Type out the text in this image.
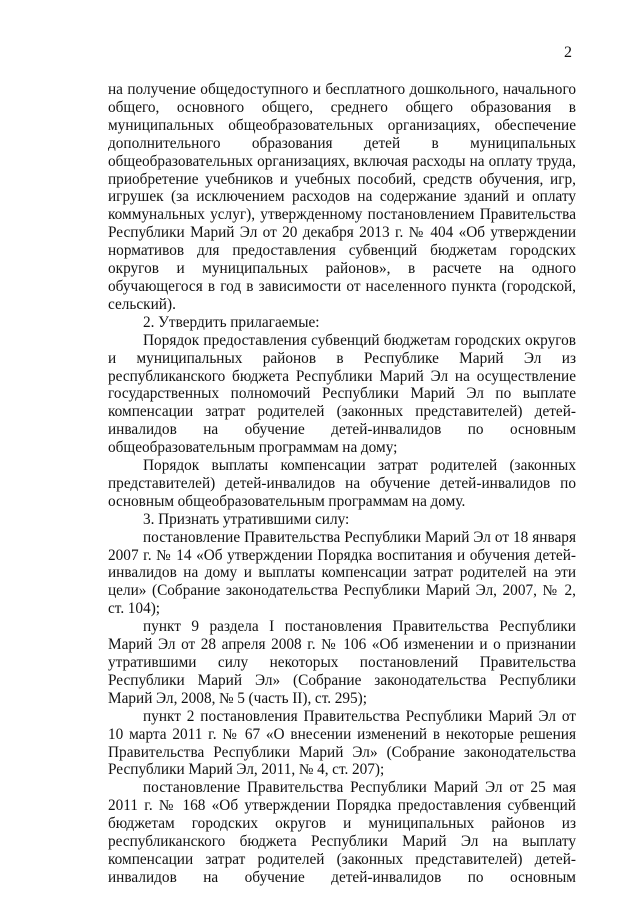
2

на получение общедоступного и бесплатного дошкольного, начального общего, основного общего, среднего общего образования в муниципальных общеобразовательных организациях, обеспечение дополнительного образования детей в муниципальных общеобразовательных организациях, включая расходы на оплату труда, приобретение учебников и учебных пособий, средств обучения, игр, игрушек (за исключением расходов на содержание зданий и оплату коммунальных услуг), утвержденному постановлением Правительства Республики Марий Эл от 20 декабря 2013 г. № 404 «Об утверждении нормативов для предоставления субвенций бюджетам городских округов и муниципальных районов», в расчете на одного обучающегося в год в зависимости от населенного пункта (городской, сельский).

2. Утвердить прилагаемые:

Порядок предоставления субвенций бюджетам городских округов и муниципальных районов в Республике Марий Эл из республиканского бюджета Республики Марий Эл на осуществление государственных полномочий Республики Марий Эл по выплате компенсации затрат родителей (законных представителей) детей-инвалидов на обучение детей-инвалидов по основным общеобразовательным программам на дому;

Порядок выплаты компенсации затрат родителей (законных представителей) детей-инвалидов на обучение детей-инвалидов по основным общеобразовательным программам на дому.

3. Признать утратившими силу:

постановление Правительства Республики Марий Эл от 18 января 2007 г. № 14 «Об утверждении Порядка воспитания и обучения детей-инвалидов на дому и выплаты компенсации затрат родителей на эти цели» (Собрание законодательства Республики Марий Эл, 2007, № 2, ст. 104);

пункт 9 раздела I постановления Правительства Республики Марий Эл от 28 апреля 2008 г. № 106 «Об изменении и о признании утратившими силу некоторых постановлений Правительства Республики Марий Эл» (Собрание законодательства Республики Марий Эл, 2008, № 5 (часть II), ст. 295);

пункт 2 постановления Правительства Республики Марий Эл от 10 марта 2011 г. № 67 «О внесении изменений в некоторые решения Правительства Республики Марий Эл» (Собрание законодательства Республики Марий Эл, 2011, № 4, ст. 207);

постановление Правительства Республики Марий Эл от 25 мая 2011 г. № 168 «Об утверждении Порядка предоставления субвенций бюджетам городских округов и муниципальных районов из республиканского бюджета Республики Марий Эл на выплату компенсации затрат родителей (законных представителей) детей-инвалидов на обучение детей-инвалидов по основным
